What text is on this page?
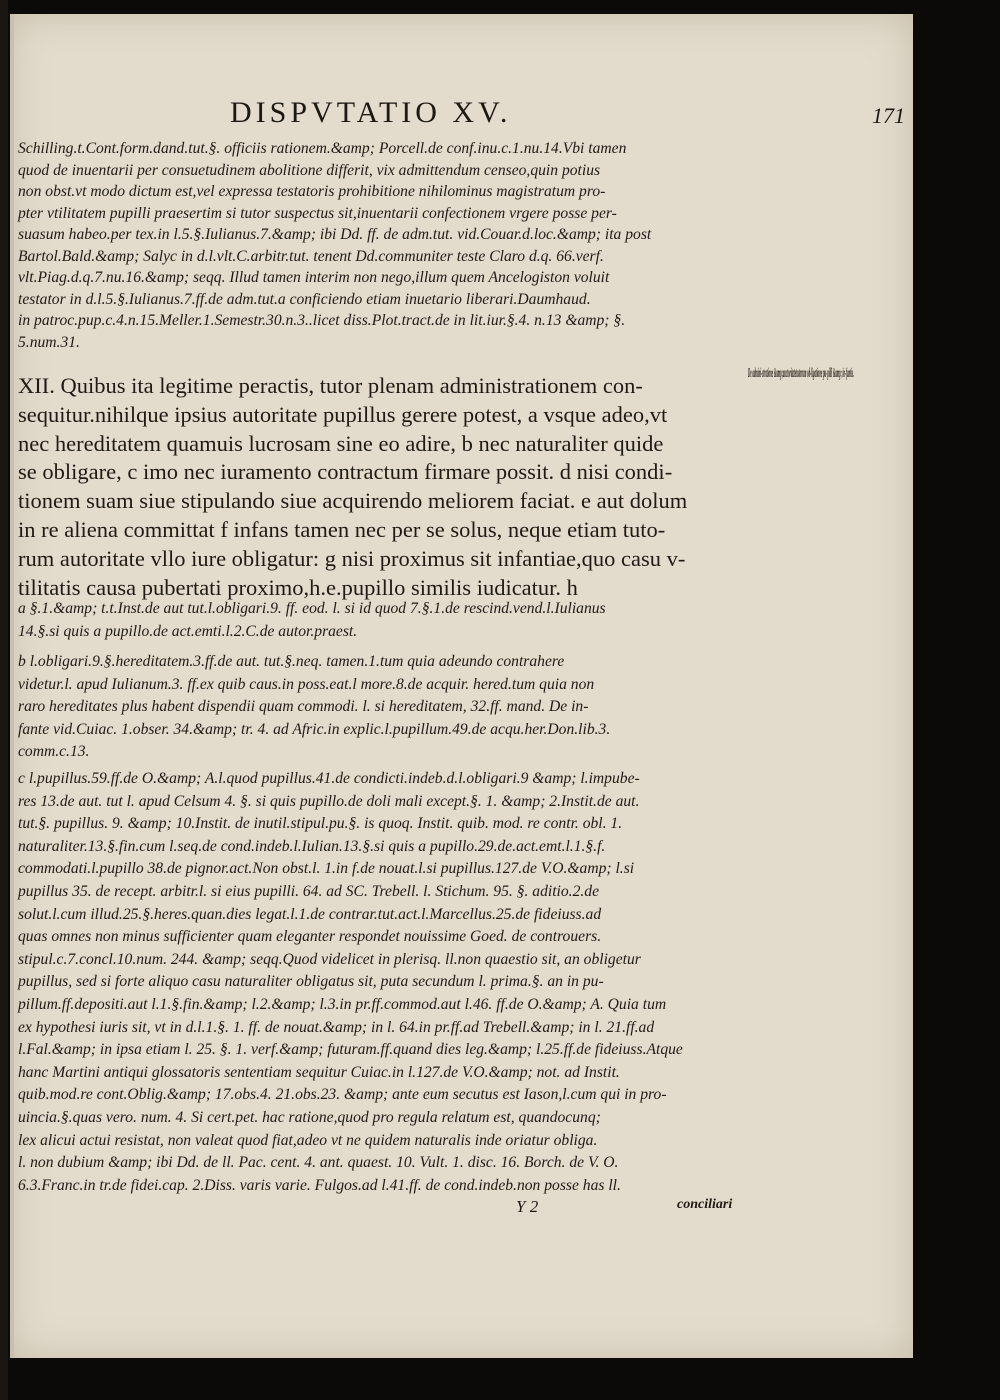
DISPVTATIO XV.	171
Schilling.t.Cont.form.dand.tut.§. officiis rationem.&amp; Porcell.de conf.inu.c.1.nu.14.Vbi tamen
quod de inuentarii per consuetudinem abolitione differit, vix admittendum censeo,quin potius
non obst.vt modo dictum est,vel expressa testatoris prohibitione nihilominus magistratum pro-
pter vtilitatem pupilli praesertim si tutor suspectus sit,inuentarii confectionem vrgere posse per-
suasum habeo.per tex.in l.5.§.Iulianus.7.&amp; ibi Dd. ff. de adm.tut. vid.Couar.d.loc.&amp; ita post
Bartol.Bald.&amp; Salyc in d.l.vlt.C.arbitr.tut. tenent Dd.communiter teste Claro d.q. 66.verf.
vlt.Piag.d.q.7.nu.16.&amp; seqq. Illud tamen interim non nego,illum quem Ancelogiston voluit
testator in d.l.5.§.Iulianus.7.ff.de adm.tut.a conficiendo etiam inuetario liberari.Daumhaud.
in patroc.pup.c.4.n.15.Meller.1.Semestr.30.n.3..licet diss.Plot.tract.de in lit.iur.§.4. n.13 &amp; §.
5.num.31.
XII. Quibus ita legitime peractis, tutor plenam administrationem con-
sequitur.nihilque ipsius autoritate pupillus gerere potest, a vsque adeo,vt
nec hereditatem quamuis lucrosam sine eo adire, b nec naturaliter quide
se obligare, c imo nec iuramento contractum firmare possit. d nisi condi-
tionem suam siue stipulando siue acquirendo meliorem faciat. e aut dolum
in re aliena committat f infans tamen nec per se solus, neque etiam tuto-
rum autoritate vllo iure obligatur: g nisi proximus sit infantiae,quo casu v-
tilitatis causa pubertati proximo,h.e.pupillo similis iudicatur. h
De admini-stratione &amp;auctoritatetutorum ob-ligatione pu-pilli &amp; in-fantis.
a §.1.&amp; t.t.Inst.de aut tut.l.obligari.9. ff. eod. l. si id quod 7.§.1.de rescind.vend.l.Iulianus
14.§.si quis a pupillo.de act.emti.l.2.C.de autor.praest.
b l.obligari.9.§.hereditatem.3.ff.de aut. tut.§.neq. tamen.1.tum quia adeundo contrahere
videtur.l. apud Iulianum.3. ff.ex quib caus.in poss.eat.l more.8.de acquir. hered.tum quia non
raro hereditates plus habent dispendii quam commodi. l. si hereditatem, 32.ff. mand. De in-
fante vid.Cuiac. 1.obser. 34.&amp; tr. 4. ad Afric.in explic.l.pupillum.49.de acqu.her.Don.lib.3.
comm.c.13.
c l.pupillus.59.ff.de O.&amp; A.l.quod pupillus.41.de condicti.indeb.d.l.obligari.9 &amp; l.impube-
res 13.de aut. tut l. apud Celsum 4. §. si quis pupillo.de doli mali except.§. 1. &amp; 2.Instit.de aut.
tut.§. pupillus. 9. &amp; 10.Instit. de inutil.stipul.pu.§. is quoq. Instit. quib. mod. re contr. obl. 1.
naturaliter.13.§.fin.cum l.seq.de cond.indeb.l.Iulian.13.§.si quis a pupillo.29.de.act.emt.l.1.§.f.
commodati.l.pupillo 38.de pignor.act.Non obst.l. 1.in f.de nouat.l.si pupillus.127.de V.O.&amp; l.si
pupillus 35. de recept. arbitr.l. si eius pupilli. 64. ad SC. Trebell. l. Stichum. 95. §. aditio.2.de
solut.l.cum illud.25.§.heres.quan.dies legat.l.1.de contrar.tut.act.l.Marcellus.25.de fideiuss.ad
quas omnes non minus sufficienter quam eleganter respondet nouissime Goed. de controuers.
stipul.c.7.concl.10.num. 244. &amp; seqq.Quod videlicet in plerisq. ll.non quaestio sit, an obligetur
pupillus, sed si forte aliquo casu naturaliter obligatus sit, puta secundum l. prima.§. an in pu-
pillum.ff.depositi.aut l.1.§.fin.&amp; l.2.&amp; l.3.in pr.ff.commod.aut l.46. ff.de O.&amp; A. Quia tum
ex hypothesi iuris sit, vt in d.l.1.§. 1. ff. de nouat.&amp; in l. 64.in pr.ff.ad Trebell.&amp; in l. 21.ff.ad
l.Fal.&amp; in ipsa etiam l. 25. §. 1. verf.&amp; futuram.ff.quand dies leg.&amp; l.25.ff.de fideiuss.Atque
hanc Martini antiqui glossatoris sententiam sequitur Cuiac.in l.127.de V.O.&amp; not. ad Instit.
quib.mod.re cont.Oblig.&amp; 17.obs.4. 21.obs.23. &amp; ante eum secutus est Iason,l.cum qui in pro-
uincia.§.quas vero. num. 4. Si cert.pet. hac ratione,quod pro regula relatum est, quandocunq;
lex alicui actui resistat, non valeat quod fiat,adeo vt ne quidem naturalis inde oriatur obliga.
l. non dubium &amp; ibi Dd. de ll. Pac. cent. 4. ant. quaest. 10. Vult. 1. disc. 16. Borch. de V. O.
6.3.Franc.in tr.de fidei.cap. 2.Diss. varis varie. Fulgos.ad l.41.ff. de cond.indeb.non posse has ll.
Y 2	conciliari
